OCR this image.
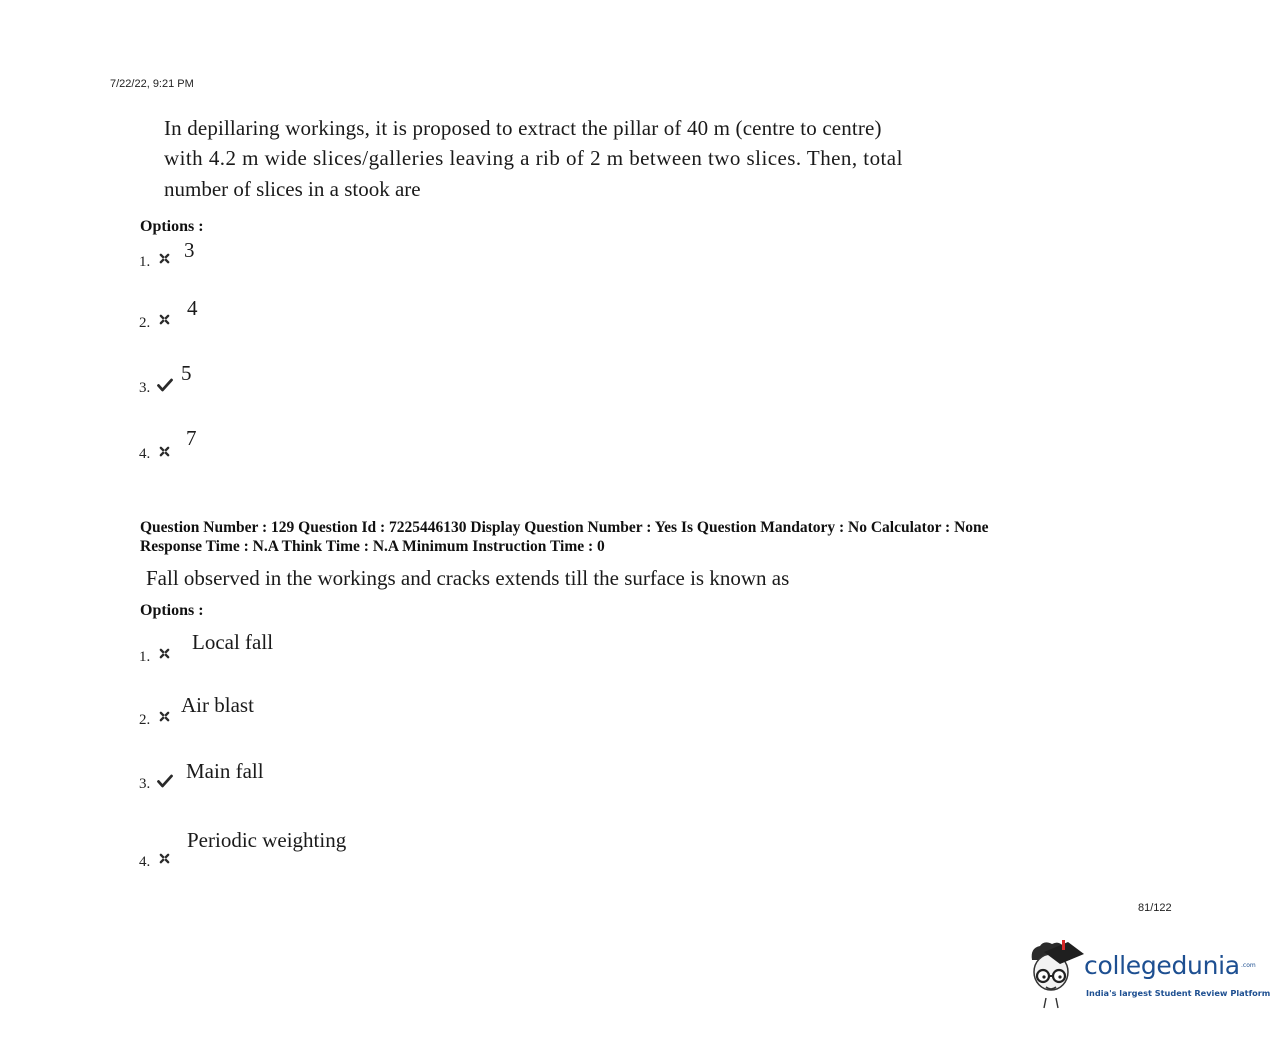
7/22/22, 9:21 PM
In depillaring workings, it is proposed to extract the pillar of 40 m (centre to centre)
with 4.2 m wide slices/galleries leaving a rib of 2 m between two slices. Then, total
number of slices in a stook are
Options :
1. 3
2.
4
3.
5
4.
7
Question Number : 129 Question Id : 7225446130 Display Question Number : Yes Is Question Mandatory : No Calculator : None
Response Time : N.A Think Time : N.A Minimum Instruction Time : 0
Fall observed in the workings and cracks extends till the surface is known as
Options :
1.
Local fall
2.
Air blast
3.
Main fall
4.
Periodic weighting
81/122
collegedunia .com
India's largest Student Review Platform
